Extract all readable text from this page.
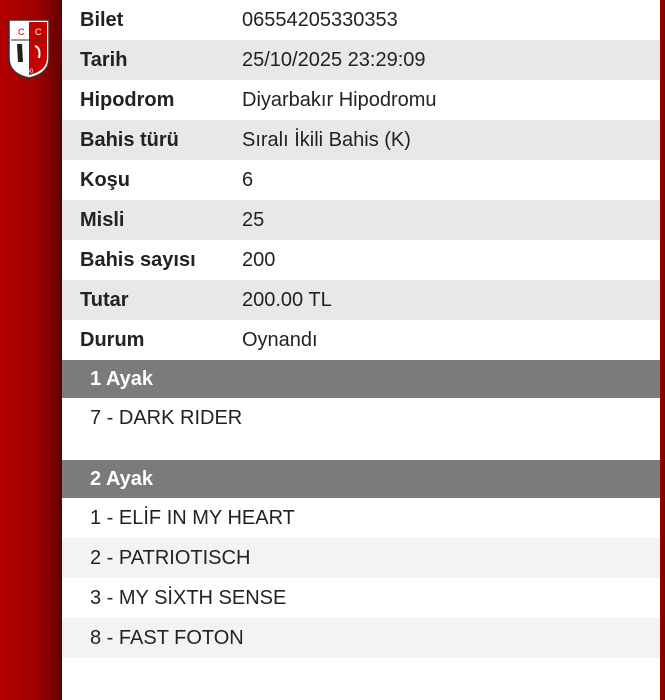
C C
1950
Bilet	06554205330353
Tarih	25/10/2025 23:29:09
Hipodrom	Diyarbakır Hipodromu
Bahis türü	Sıralı İkili Bahis (K)
Koşu	6
Misli	25
Bahis sayısı	200
Tutar	200.00 TL
Durum	Oynandı
1 Ayak
7 - DARK RIDER
2 Ayak
1 - ELİF IN MY HEART
2 - PATRIOTISCH
3 - MY SİXTH SENSE
8 - FAST FOTON
